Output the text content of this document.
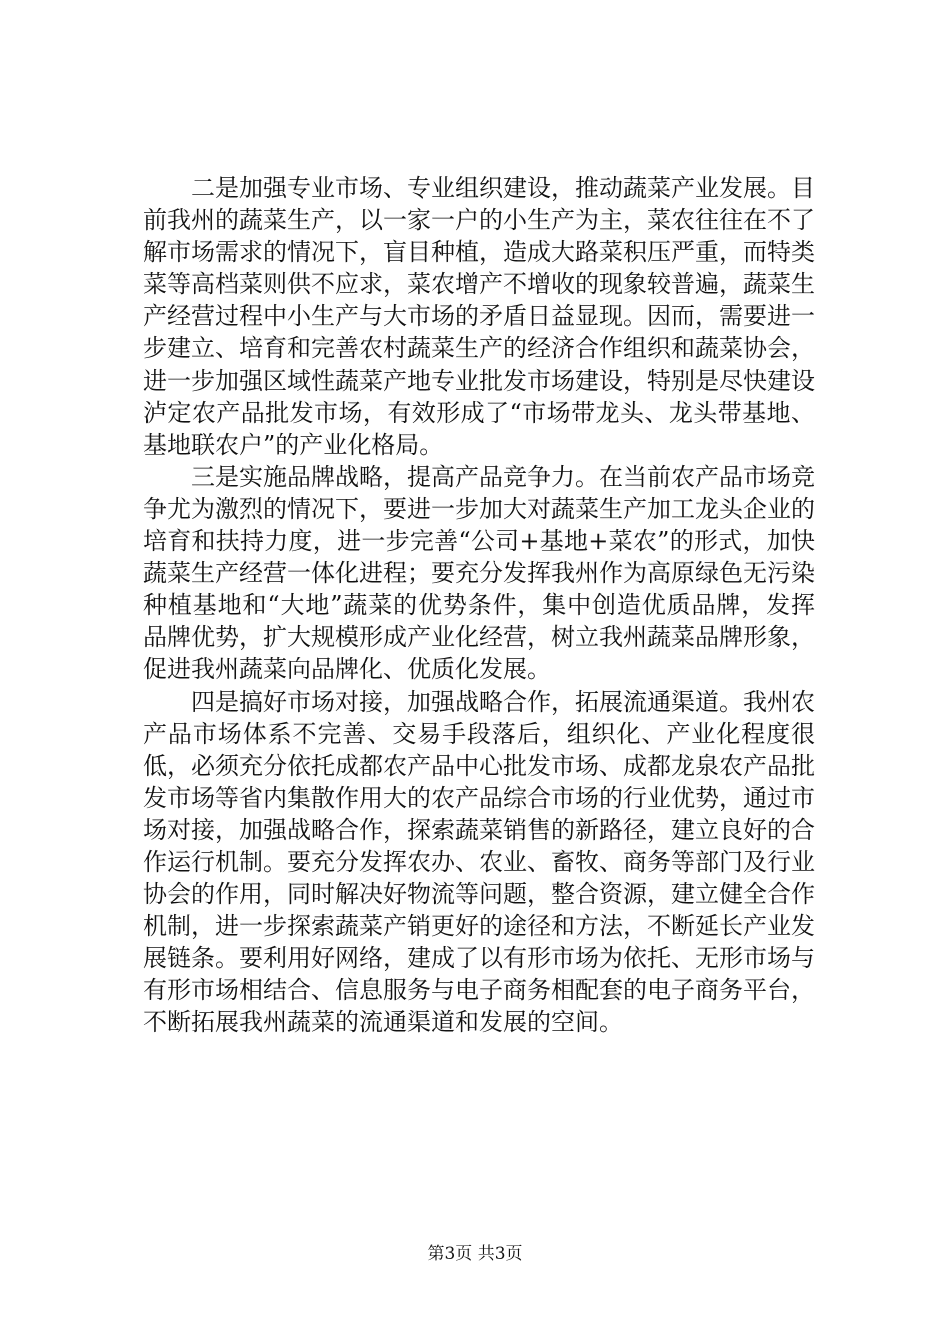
二是加强专业市场、专业组织建设，推动蔬菜产业发展。目前我州的蔬菜生产，以一家一户的小生产为主，菜农往往在不了解市场需求的情况下，盲目种植，造成大路菜积压严重，而特类菜等高档菜则供不应求，菜农增产不增收的现象较普遍，蔬菜生产经营过程中小生产与大市场的矛盾日益显现。因而，需要进一步建立、培育和完善农村蔬菜生产的经济合作组织和蔬菜协会，进一步加强区域性蔬菜产地专业批发市场建设，特别是尽快建设泸定农产品批发市场，有效形成了“市场带龙头、龙头带基地、基地联农户”的产业化格局。

三是实施品牌战略，提高产品竞争力。在当前农产品市场竞争尤为激烈的情况下，要进一步加大对蔬菜生产加工龙头企业的培育和扶持力度，进一步完善“公司+基地+菜农”的形式，加快蔬菜生产经营一体化进程；要充分发挥我州作为高原绿色无污染种植基地和“大地”蔬菜的优势条件，集中创造优质品牌，发挥品牌优势，扩大规模形成产业化经营，树立我州蔬菜品牌形象，促进我州蔬菜向品牌化、优质化发展。

四是搞好市场对接，加强战略合作，拓展流通渠道。我州农产品市场体系不完善、交易手段落后，组织化、产业化程度很低，必须充分依托成都农产品中心批发市场、成都龙泉农产品批发市场等省内集散作用大的农产品综合市场的行业优势，通过市场对接，加强战略合作，探索蔬菜销售的新路径，建立良好的合作运行机制。要充分发挥农办、农业、畜牧、商务等部门及行业协会的作用，同时解决好物流等问题，整合资源，建立健全合作机制，进一步探索蔬菜产销更好的途径和方法，不断延长产业发展链条。要利用好网络，建成了以有形市场为依托、无形市场与有形市场相结合、信息服务与电子商务相配套的电子商务平台，不断拓展我州蔬菜的流通渠道和发展的空间。

第3页 共3页
